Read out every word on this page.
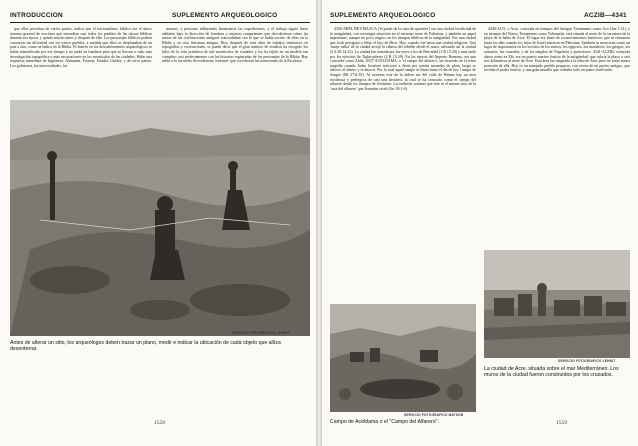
INTRODUCCION	SUPLEMENTO ARQUEOLOGICO

que ellas proveían de varios países, indica que el nacionalismo bíblico era el único sistema general de escritura que entendían casi todos los pueblos de las tierras bíblicas durante esa época, y quizás mucho antes y después de ella. Los personajes bíblicos podían conversar sin dificultad con los varios pueblos, a medida que ellos se desplazaban de un país a otro, como se indica en la Biblia. El interés en los descubrimientos arqueológicos se había intensificado por ese tiempo y no tardó en fundarse para que se llevara a cabo más investigación topográfica y más excavaciones en los montículos de las ciudades. Hubo una respuesta inmediata de Inglaterra, Alemania, Francia, Estados Unidos, y de otros países. Los gobiernos, las universidades, los

museos, y personas influyentes financiaron las expediciones, y el trabajo siguió hacia adelante bajo la dirección de hombres y mujeres competentes que descubrieron cómo las ruinas de las civilizaciones antiguas concordaban con lo que se había escrito de ellas en la Biblia y en otra literatura antigua. Hoy, después de cien años de trabajos intensivos en topografías y excavaciones, se puede decir que el gran número de eruditos ha recogido los hilos de la vida primitiva de mil montículos de ciudades y los ha tejido en un modelo tan completo casi perfectamente con las historias registradas de los personajes de la Biblia. Hay saldo a la luz miles de evidencias 'externas' que corroboran las narraciones de la Escritura.

SERVICIO FOTOGRAFICO LEHNIT
Antes de alterar un sitio, los arqueólogos deben trazar un plano, medir e indicar la ubicación de cada objeto que allíza desenterrar.
1558
SUPLEMENTO ARQUEOLOGICO	ACZIB—4341

4336-ABEL BET-MAACA ('el prado de la casa de opresión') era una ciudad fortificada de la antigüedad, con estrategia situación en el extremo norte de Palestina, y también un papel importante, aunque no poco trágico, en los tiempos bíblicos de la antigüedad. Fue una ciudad que Joab persiguió a Seba, el hijo de Bicri. Hoy, cuando fue hasta una ciudad religiosa. Una 'mujer sabia' de la ciudad arrojó la cabeza del rebelde desde el muro, salvando así la ciudad (2 S 20:14-22). La ciudad fue tomada por los reyes a los de Ben-adad (1 R 15:20) y más tarde por los ejércitos de Tiglat-pileser (2 R 15:29). En las épocas del Imperio Romano, era una conocida como Abila. 4337-ACELDAMA, o 'el campo del alfarero', un recuerdo de la triste tragedia cuando Judas Iscariote traicionó a Jesús por treinta monedas de plata, luego se ahorcó; el dinero y se ahorcó. Por lo cual aquel campo se llama hasta el día de hoy Campo de Sangre (Mt 27:6-10). Al extremo este de la ladera sur del valle de Hinom hay un área escabrosa y pedregosa de casi una hectárea, la cual se ha conocido como el campo del alfarero desde los tiempos de Jerónimo. La tradición sostiene que éste es el mismo sitio de la 'casa del alfarero' que Jeremías visitó (Jer 18:1-6).

4340-ACO, o Acre, conocida en tiempos del Antiguo Testamento como Aco (Jue 1:31), y en tiempos del Nuevo Testamento como Tolemaida, está situada al norte de la curvatura de la playa de la bahía de Acre. El lugar era firme de oscurecimientos históricos que se remontan hasta los días cuando los hijos de Israel entraron en Palestina. También se menciona como un lugar de importancia en los escritos de los asirios, los egipcios, los macabeos, los griegos, los romanos, los cruzados, y de los templos de Napoleón y posteriores. 4341-ACZIB, conocida ahora como ez Zib, era un puerto marino fenicio de la antigüedad, que cubría la playa a casi tres kilómetros al norte de Acre. Esta área fue asignada a la tribu de Aser, pero no tomó nunca posesión de ella. Hoy es un tranquilo pueblo pesquero, con restos de un puerto antiguo, que revelan el poder fenicio, y una gran muralla que rodeaba todo un punto fortificado.

SERVICIO FOTOGRAFICO MATSON
Campo de Acéldama o el "Campo del Alfarero".
SERVICIO FOTOGRAFICO LEHNIT
La ciudad de Acre, situada sobre el mar Mediterráneo. Los muros de la ciudad fueron construidos por los cruzados.
1559
